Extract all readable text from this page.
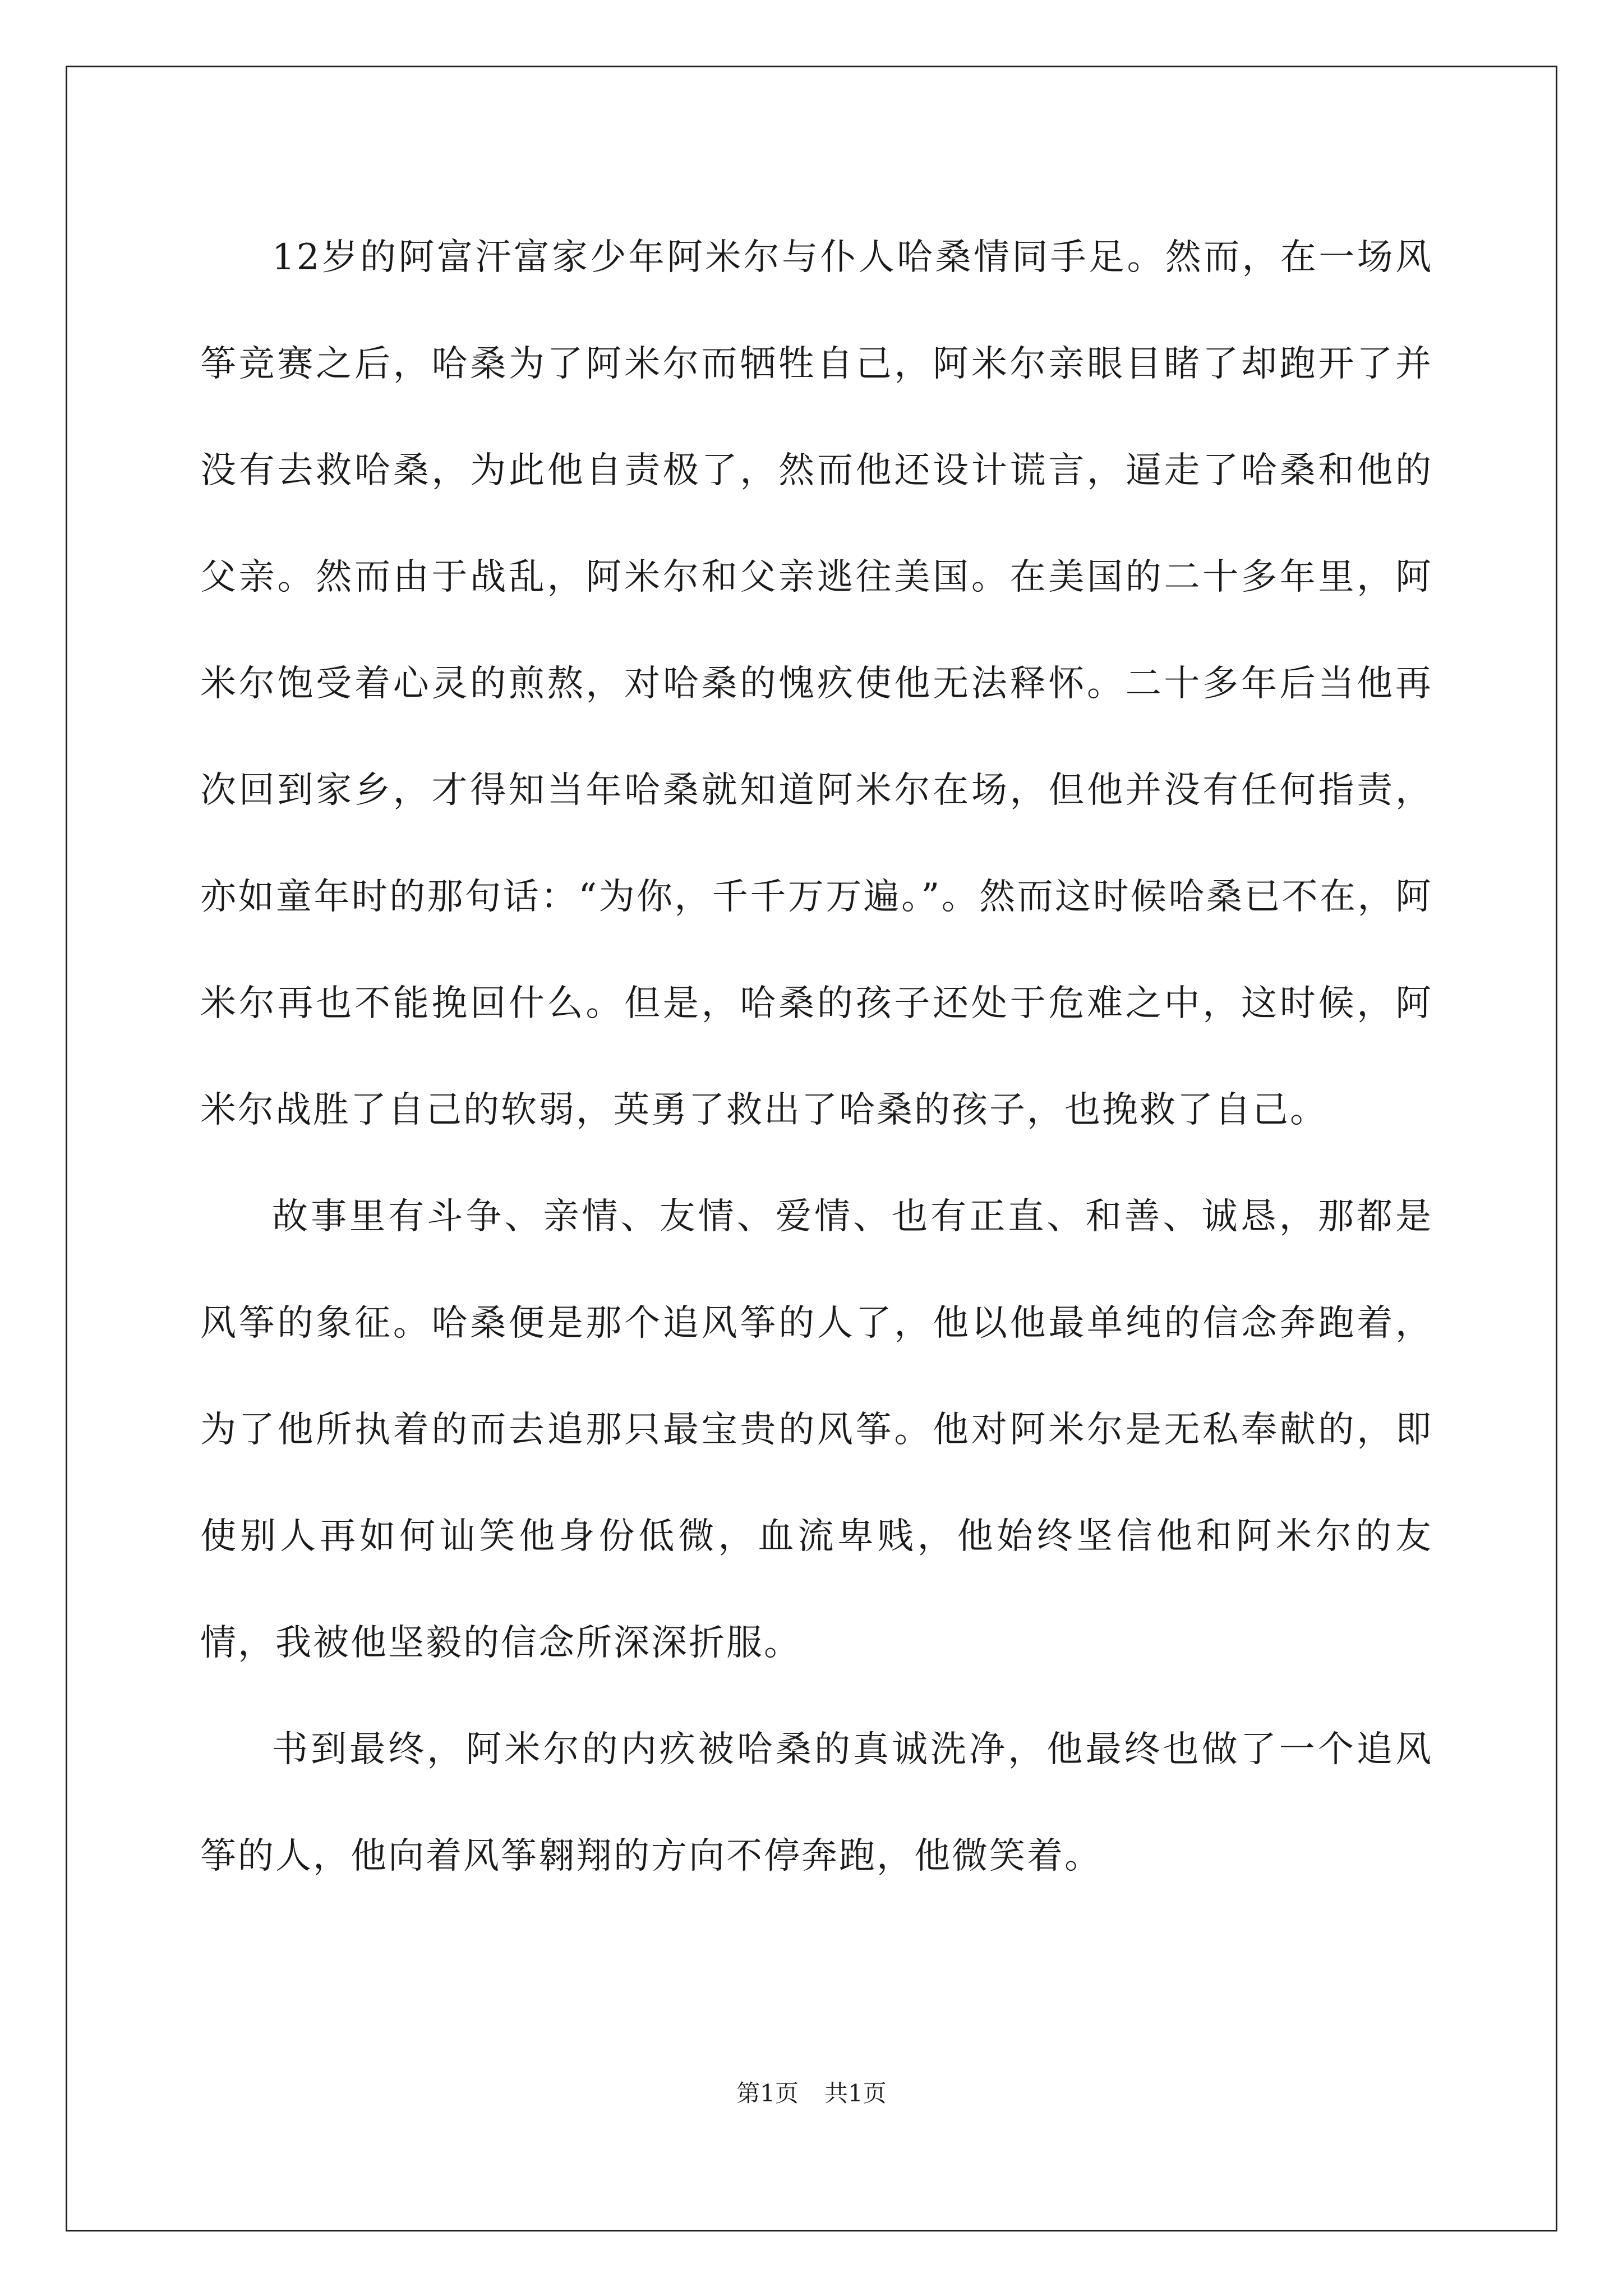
12岁的阿富汗富家少年阿米尔与仆人哈桑情同手足。然而，在一场风筝竞赛之后，哈桑为了阿米尔而牺牲自己，阿米尔亲眼目睹了却跑开了并没有去救哈桑，为此他自责极了，然而他还设计谎言，逼走了哈桑和他的父亲。然而由于战乱，阿米尔和父亲逃往美国。在美国的二十多年里，阿米尔饱受着心灵的煎熬，对哈桑的愧疚使他无法释怀。二十多年后当他再次回到家乡，才得知当年哈桑就知道阿米尔在场，但他并没有任何指责，亦如童年时的那句话：“为你，千千万万遍。”。然而这时候哈桑已不在，阿米尔再也不能挽回什么。但是，哈桑的孩子还处于危难之中，这时候，阿米尔战胜了自己的软弱，英勇了救出了哈桑的孩子，也挽救了自己。

故事里有斗争、亲情、友情、爱情、也有正直、和善、诚恳，那都是风筝的象征。哈桑便是那个追风筝的人了，他以他最单纯的信念奔跑着，为了他所执着的而去追那只最宝贵的风筝。他对阿米尔是无私奉献的，即使别人再如何讪笑他身份低微，血流卑贱，他始终坚信他和阿米尔的友情，我被他坚毅的信念所深深折服。

书到最终，阿米尔的内疚被哈桑的真诚洗净，他最终也做了一个追风筝的人，他向着风筝翱翔的方向不停奔跑，他微笑着。

第1页 共1页
